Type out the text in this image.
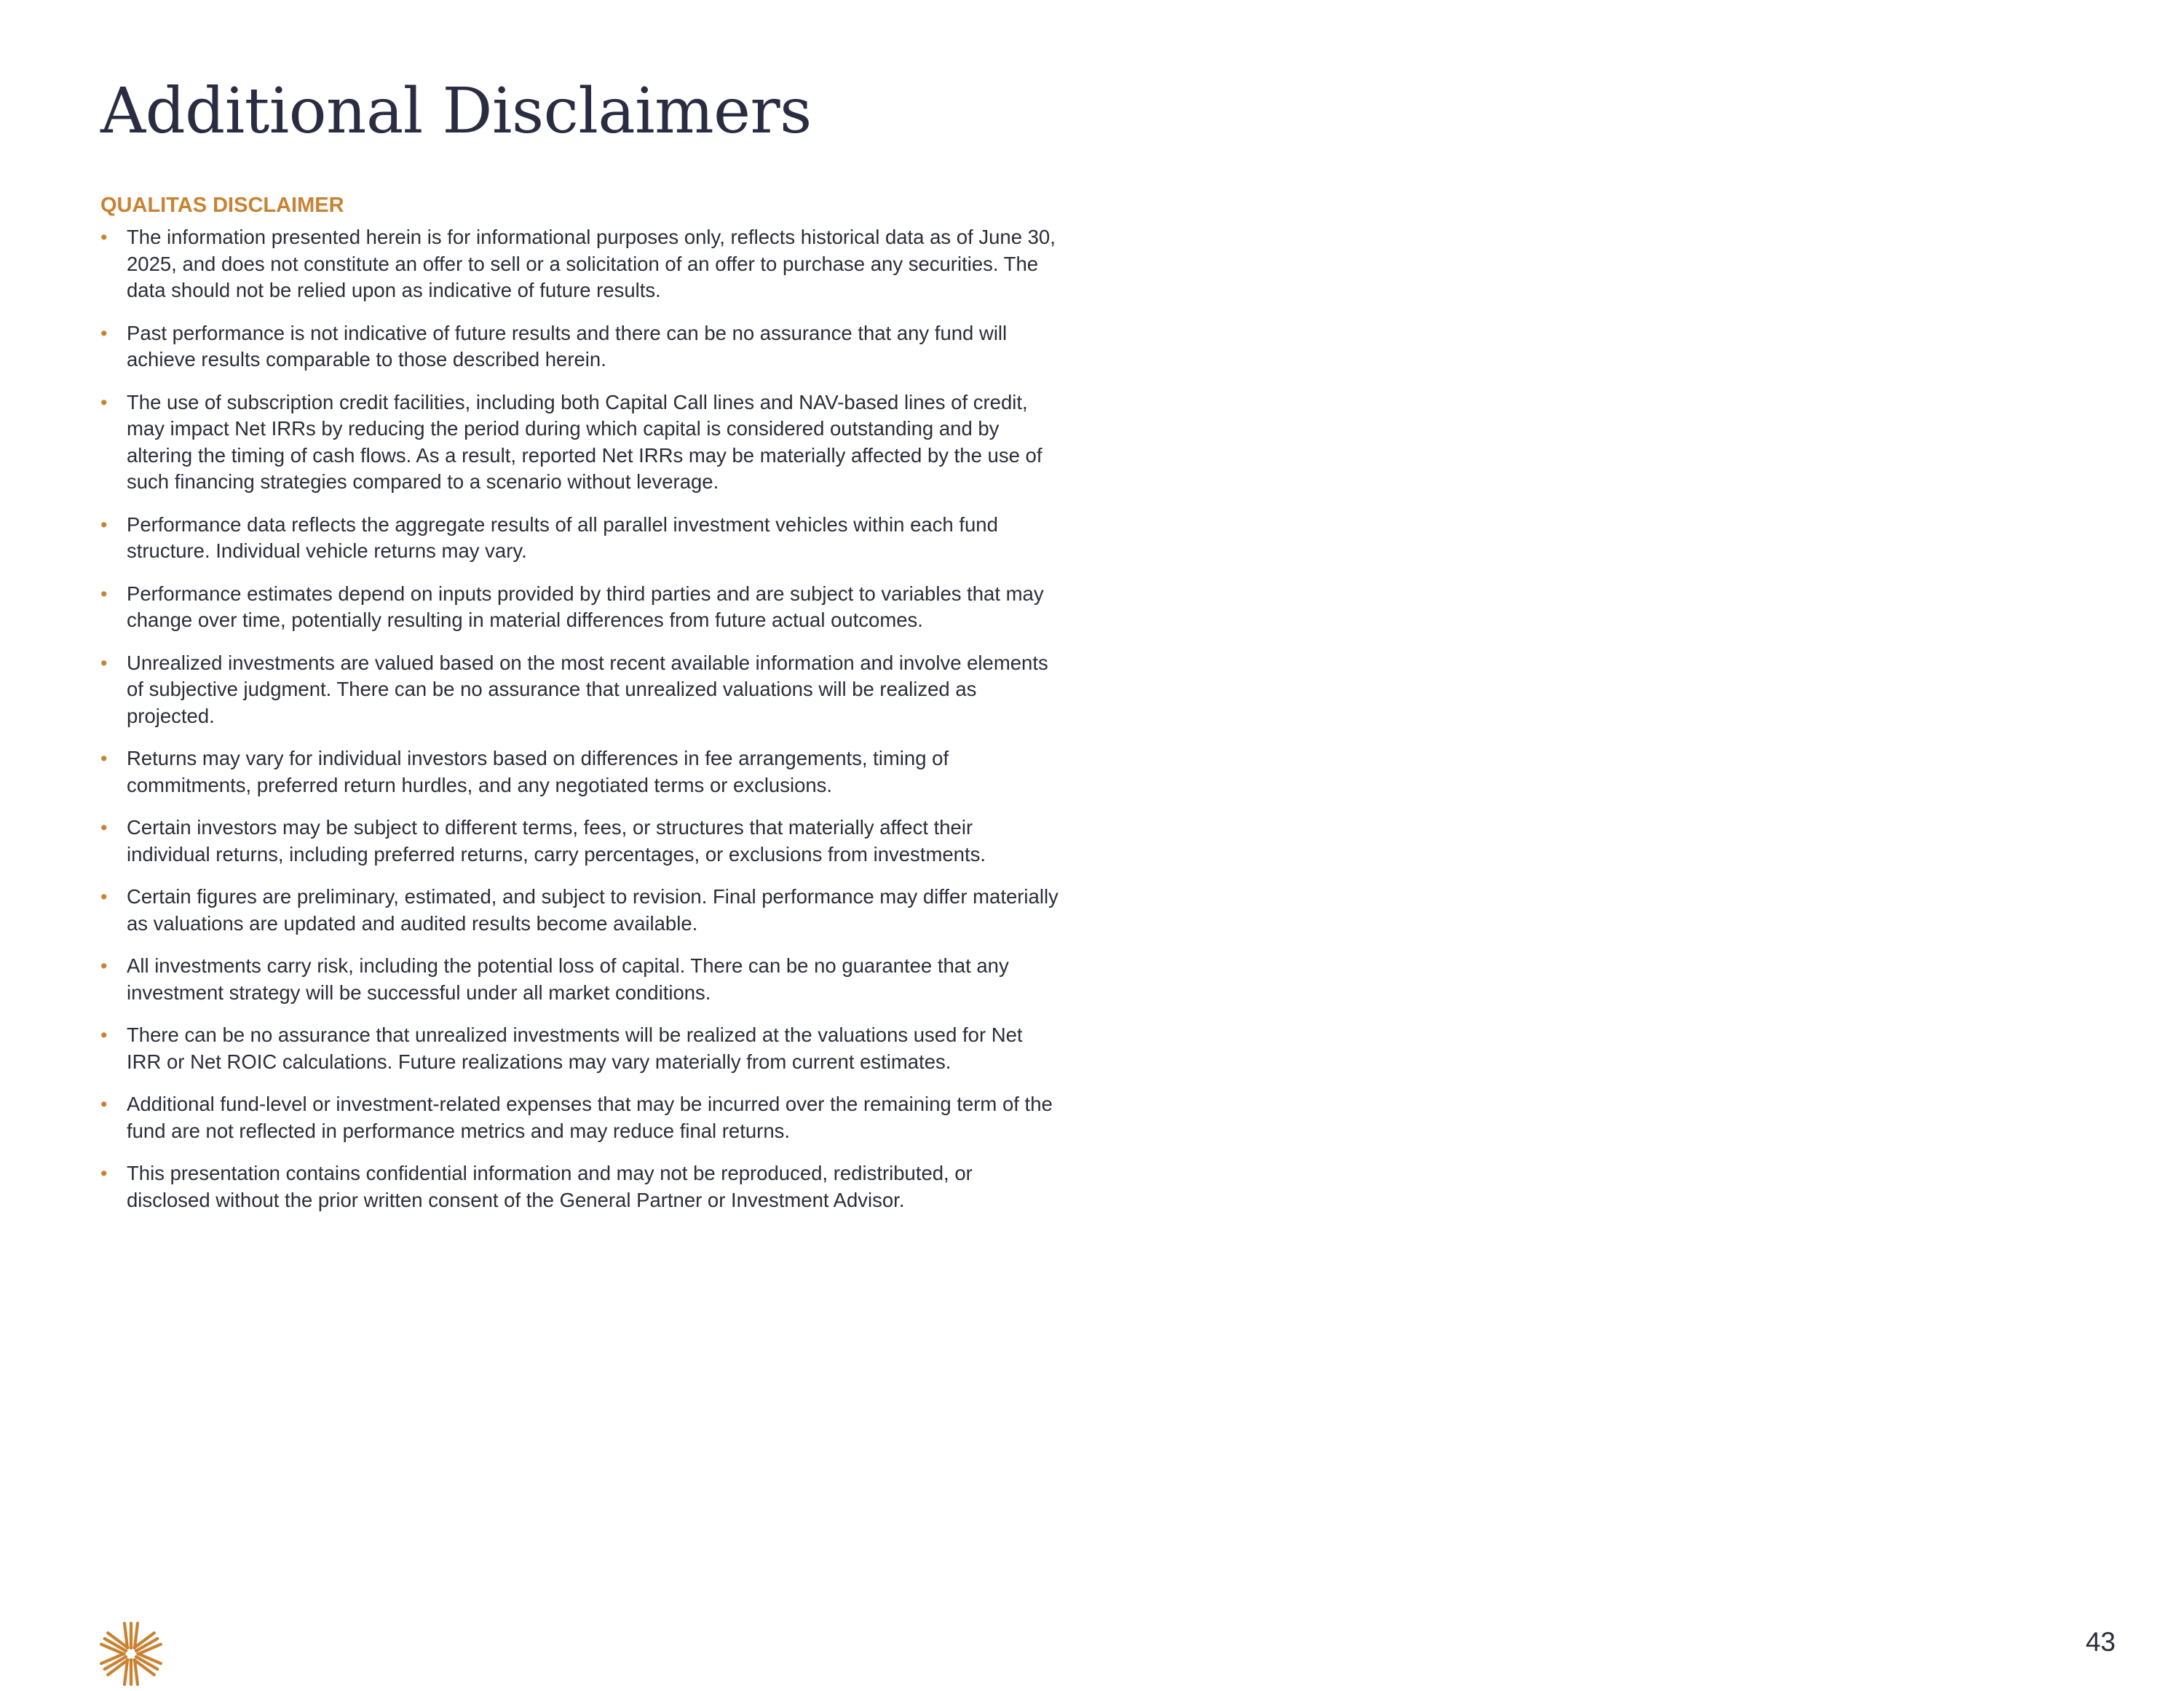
Additional Disclaimers
QUALITAS DISCLAIMER
• The information presented herein is for informational purposes only, reflects historical data as of June 30, 2025, and does not constitute an offer to sell or a solicitation of an offer to purchase any securities. The data should not be relied upon as indicative of future results.
• Past performance is not indicative of future results and there can be no assurance that any fund will achieve results comparable to those described herein.
• The use of subscription credit facilities, including both Capital Call lines and NAV-based lines of credit, may impact Net IRRs by reducing the period during which capital is considered outstanding and by altering the timing of cash flows. As a result, reported Net IRRs may be materially affected by the use of such financing strategies compared to a scenario without leverage.
• Performance data reflects the aggregate results of all parallel investment vehicles within each fund structure. Individual vehicle returns may vary.
• Performance estimates depend on inputs provided by third parties and are subject to variables that may change over time, potentially resulting in material differences from future actual outcomes.
• Unrealized investments are valued based on the most recent available information and involve elements of subjective judgment. There can be no assurance that unrealized valuations will be realized as projected.
• Returns may vary for individual investors based on differences in fee arrangements, timing of commitments, preferred return hurdles, and any negotiated terms or exclusions.
• Certain investors may be subject to different terms, fees, or structures that materially affect their individual returns, including preferred returns, carry percentages, or exclusions from investments.
• Certain figures are preliminary, estimated, and subject to revision. Final performance may differ materially as valuations are updated and audited results become available.
• All investments carry risk, including the potential loss of capital. There can be no guarantee that any investment strategy will be successful under all market conditions.
• There can be no assurance that unrealized investments will be realized at the valuations used for Net IRR or Net ROIC calculations. Future realizations may vary materially from current estimates.
• Additional fund-level or investment-related expenses that may be incurred over the remaining term of the fund are not reflected in performance metrics and may reduce final returns.
• This presentation contains confidential information and may not be reproduced, redistributed, or disclosed without the prior written consent of the General Partner or Investment Advisor.
43
